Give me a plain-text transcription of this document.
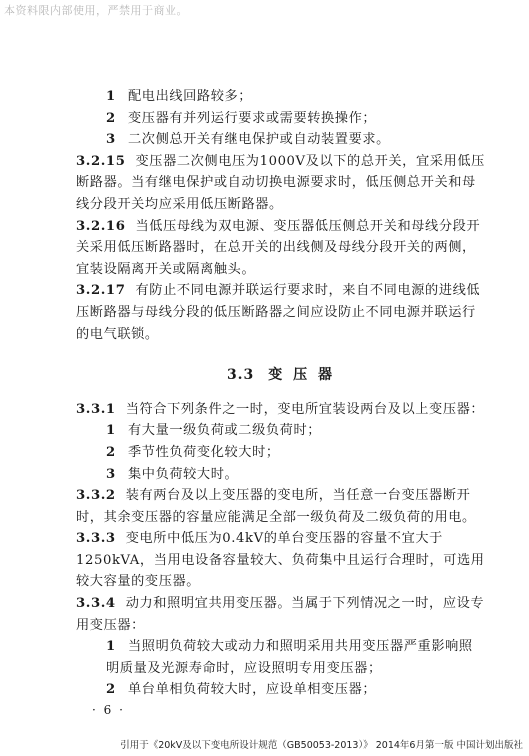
本资料限内部使用，严禁用于商业。

1 配电出线回路较多；

2 变压器有并列运行要求或需要转换操作；

3 二次侧总开关有继电保护或自动装置要求。

3.2.15 变压器二次侧电压为1000V及以下的总开关，宜采用低压断路器。当有继电保护或自动切换电源要求时，低压侧总开关和母线分段开关均应采用低压断路器。

3.2.16 当低压母线为双电源、变压器低压侧总开关和母线分段开关采用低压断路器时，在总开关的出线侧及母线分段开关的两侧，宜装设隔离开关或隔离触头。

3.2.17 有防止不同电源并联运行要求时，来自不同电源的进线低压断路器与母线分段的低压断路器之间应设防止不同电源并联运行的电气联锁。

3.3 变 压 器

3.3.1 当符合下列条件之一时，变电所宜装设两台及以上变压器：

1 有大量一级负荷或二级负荷时；

2 季节性负荷变化较大时；

3 集中负荷较大时。

3.3.2 装有两台及以上变压器的变电所，当任意一台变压器断开时，其余变压器的容量应能满足全部一级负荷及二级负荷的用电。

3.3.3 变电所中低压为0.4kV的单台变压器的容量不宜大于1250kVA，当用电设备容量较大、负荷集中且运行合理时，可选用较大容量的变压器。

3.3.4 动力和照明宜共用变压器。当属于下列情况之一时，应设专用变压器：

1 当照明负荷较大或动力和照明采用共用变压器严重影响照明质量及光源寿命时，应设照明专用变压器；

2 单台单相负荷较大时，应设单相变压器；

· 6 ·
引用于《20kV及以下变电所设计规范（GB50053-2013）》 2014年6月第一版 中国计划出版社
